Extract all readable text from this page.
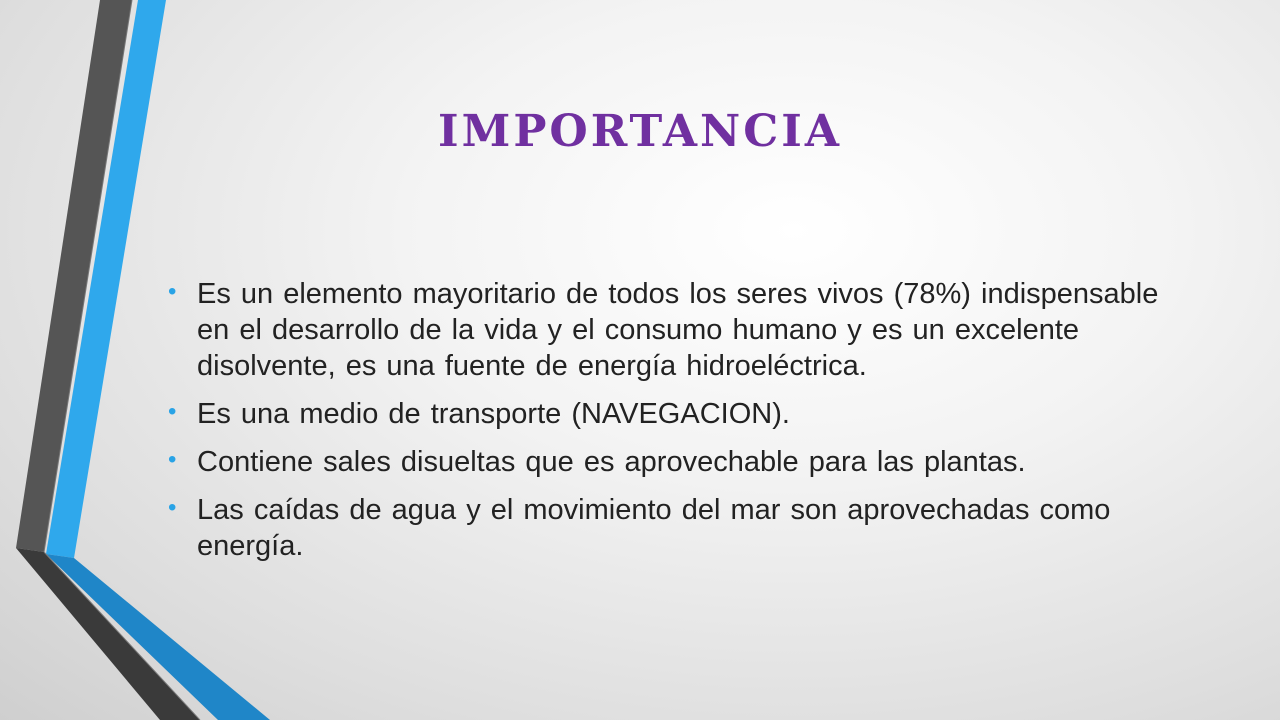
IMPORTANCIA
• Es un elemento mayoritario de todos los seres vivos (78%) indispensable en el desarrollo de la vida y el consumo humano y es un excelente disolvente, es una fuente de energía hidroeléctrica.
• Es una medio de transporte (NAVEGACION).
• Contiene sales disueltas que es aprovechable para las plantas.
• Las caídas de agua y el movimiento del mar son aprovechadas como energía.
